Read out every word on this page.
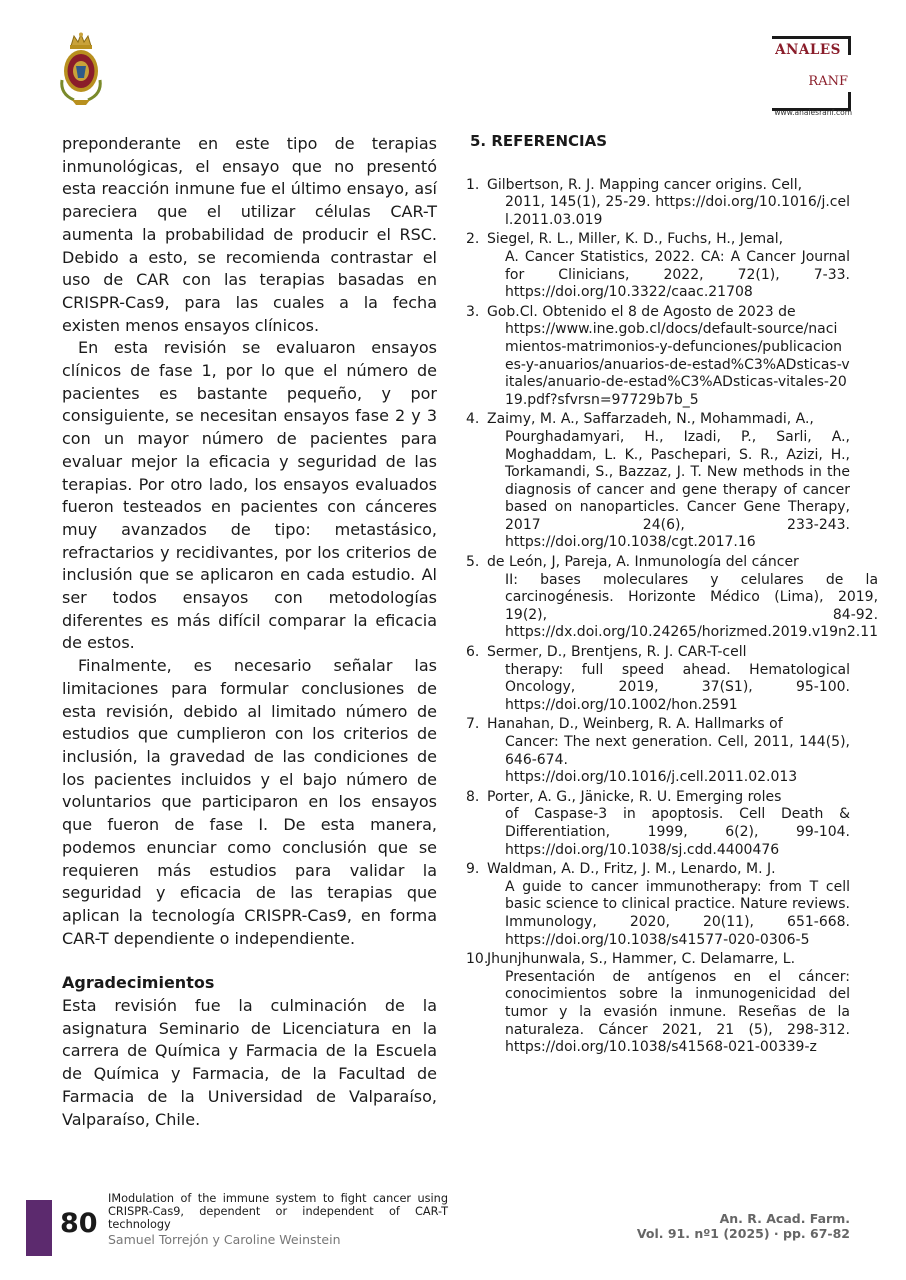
ANALES
RANF
www.analesranf.com

preponderante en este tipo de terapias inmunológicas, el ensayo que no presentó esta reacción inmune fue el último ensayo, así pareciera que el utilizar células CAR-T aumenta la probabilidad de producir el RSC. Debido a esto, se recomienda contrastar el uso de CAR con las terapias basadas en CRISPR-Cas9, para las cuales a la fecha existen menos ensayos clínicos.

En esta revisión se evaluaron ensayos clínicos de fase 1, por lo que el número de pacientes es bastante pequeño, y por consiguiente, se necesitan ensayos fase 2 y 3 con un mayor número de pacientes para evaluar mejor la eficacia y seguridad de las terapias. Por otro lado, los ensayos evaluados fueron testeados en pacientes con cánceres muy avanzados de tipo: metastásico, refractarios y recidivantes, por los criterios de inclusión que se aplicaron en cada estudio. Al ser todos ensayos con metodologías diferentes es más difícil comparar la eficacia de estos.

Finalmente, es necesario señalar las limitaciones para formular conclusiones de esta revisión, debido al limitado número de estudios que cumplieron con los criterios de inclusión, la gravedad de las condiciones de los pacientes incluidos y el bajo número de voluntarios que participaron en los ensayos que fueron de fase I. De esta manera, podemos enunciar como conclusión que se requieren más estudios para validar la seguridad y eficacia de las terapias que aplican la tecnología CRISPR-Cas9, en forma CAR-T dependiente o independiente.

Agradecimientos

Esta revisión fue la culminación de la asignatura Seminario de Licenciatura en la carrera de Química y Farmacia de la Escuela de Química y Farmacia, de la Facultad de Farmacia de la Universidad de Valparaíso, Valparaíso, Chile.

5. REFERENCIAS
1. Gilbertson, R. J. Mapping cancer origins. Cell,
2011, 145(1), 25-29. https://doi.org/10.1016/j.cell.2011.03.019
2. Siegel, R. L., Miller, K. D., Fuchs, H., Jemal,
A. Cancer Statistics, 2022. CA: A Cancer Journal for Clinicians, 2022, 72(1), 7-33. https://doi.org/10.3322/caac.21708
3. Gob.Cl. Obtenido el 8 de Agosto de 2023 de
https://www.ine.gob.cl/docs/default-source/nacimientos-matrimonios-y-defunciones/publicaciones-y-anuarios/anuarios-de-estad%C3%ADsticas-vitales/anuario-de-estad%C3%ADsticas-vitales-2019.pdf?sfvrsn=97729b7b_5
4. Zaimy, M. A., Saffarzadeh, N., Mohammadi, A.,
Pourghadamyari, H., Izadi, P., Sarli, A., Moghaddam, L. K., Paschepari, S. R., Azizi, H., Torkamandi, S., Bazzaz, J. T. New methods in the diagnosis of cancer and gene therapy of cancer based on nanoparticles. Cancer Gene Therapy, 2017 24(6), 233-243. https://doi.org/10.1038/cgt.2017.16
5. de León, J, Pareja, A. Inmunología del cáncer
II: bases moleculares y celulares de la carcinogénesis. Horizonte Médico (Lima), 2019, 19(2), 84-92. https://dx.doi.org/10.24265/horizmed.2019.v19n2.11
6. Sermer, D., Brentjens, R. J. CAR-T-cell
therapy: full speed ahead. Hematological Oncology, 2019, 37(S1), 95-100. https://doi.org/10.1002/hon.2591
7. Hanahan, D., Weinberg, R. A. Hallmarks of
Cancer: The next generation. Cell, 2011, 144(5), 646-674. https://doi.org/10.1016/j.cell.2011.02.013
8. Porter, A. G., Jänicke, R. U. Emerging roles
of Caspase-3 in apoptosis. Cell Death & Differentiation, 1999, 6(2), 99-104. https://doi.org/10.1038/sj.cdd.4400476
9. Waldman, A. D., Fritz, J. M., Lenardo, M. J.
A guide to cancer immunotherapy: from T cell basic science to clinical practice. Nature reviews. Immunology, 2020, 20(11), 651-668. https://doi.org/10.1038/s41577-020-0306-5
10.
Jhunjhunwala, S., Hammer, C. Delamarre, L.
Presentación de antígenos en el cáncer: conocimientos sobre la inmunogenicidad del tumor y la evasión inmune. Reseñas de la naturaleza. Cáncer 2021, 21 (5), 298-312. https://doi.org/10.1038/s41568-021-00339-z
80
IModulation of the immune system to fight cancer using CRISPR-Cas9, dependent or independent of CAR-T technology
Samuel Torrejón y Caroline Weinstein
An. R. Acad. Farm.
Vol. 91. nº1 (2025) · pp. 67-82
